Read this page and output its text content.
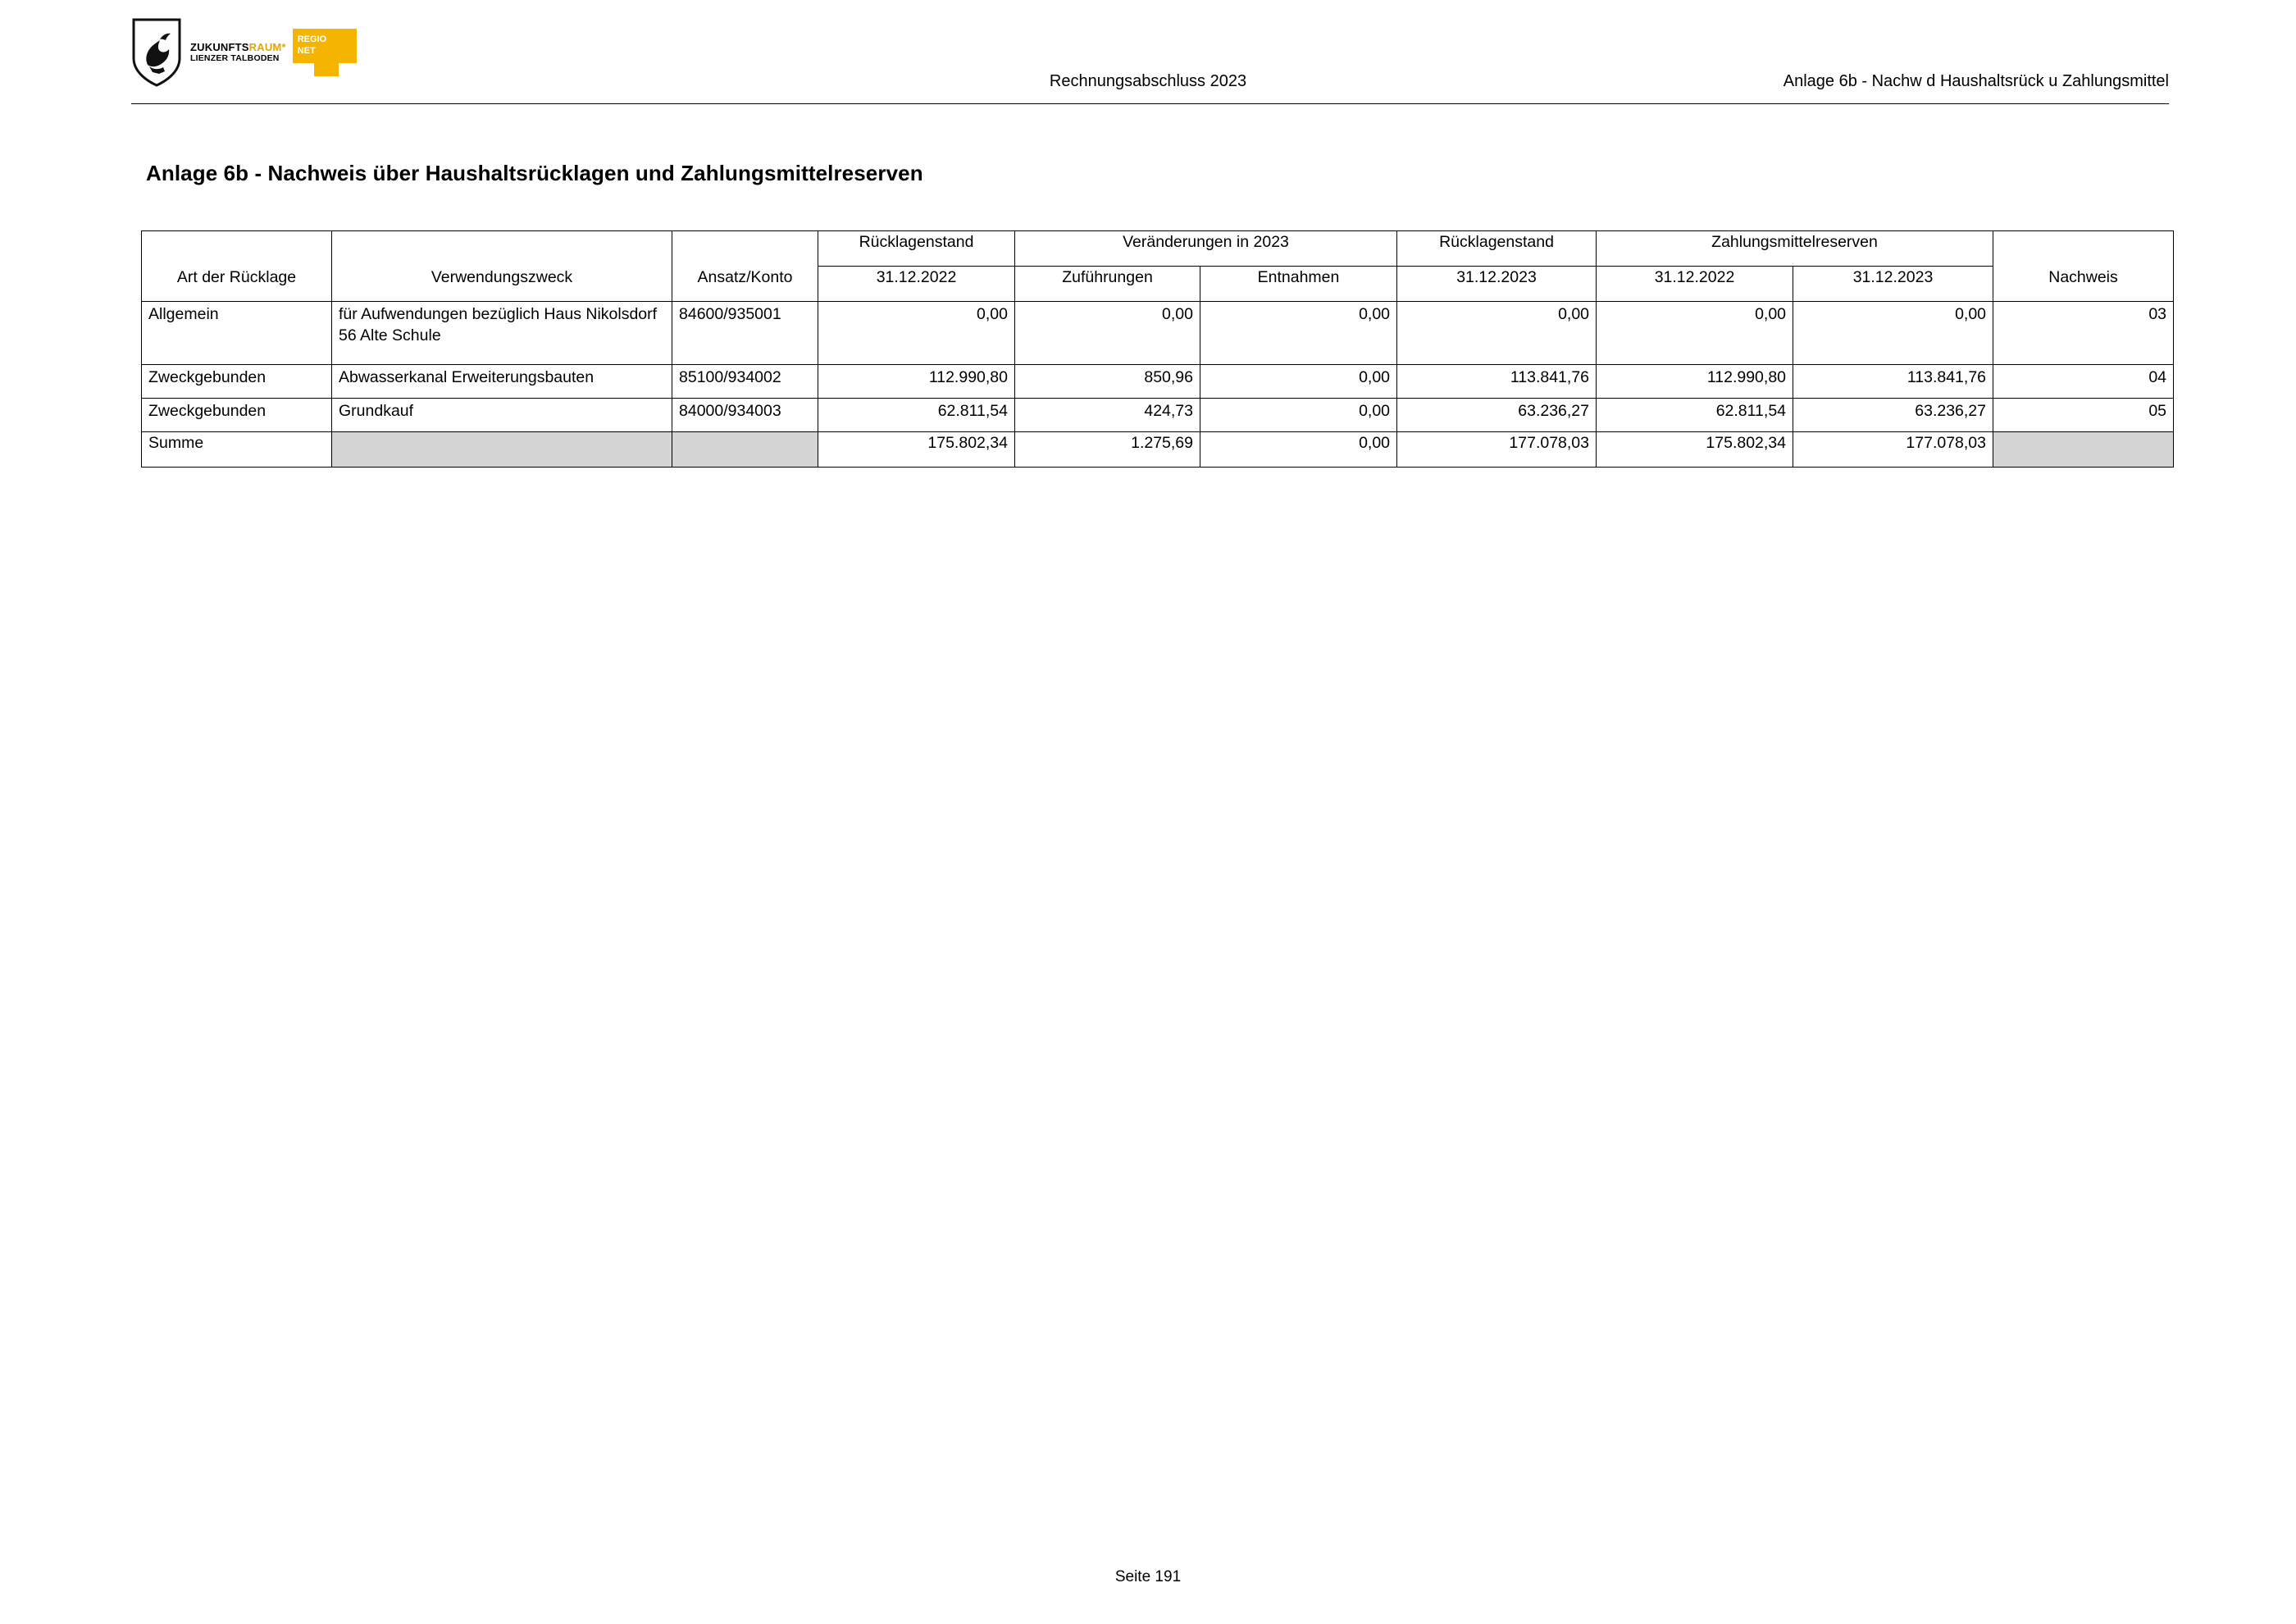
ZUKUNFTSRAUM*
LIENZER TALBODEN
REGIO
NET
Rechnungsabschluss 2023	Anlage 6b - Nachw d Haushaltsrück u Zahlungsmittel
Anlage 6b - Nachweis über Haushaltsrücklagen und Zahlungsmittelreserven
			Rücklagenstand	Veränderungen in 2023		Rücklagenstand	Zahlungsmittelreserven		
Art der Rücklage	Verwendungszweck	Ansatz/Konto	31.12.2022	Zuführungen	Entnahmen	31.12.2023	31.12.2022	31.12.2023	Nachweis
Allgemein	für Aufwendungen bezüglich Haus Nikolsdorf 56 Alte Schule	84600/935001	0,00	0,00	0,00	0,00	0,00	0,00	03
Zweckgebunden	Abwasserkanal Erweiterungsbauten	85100/934002	112.990,80	850,96	0,00	113.841,76	112.990,80	113.841,76	04
Zweckgebunden	Grundkauf	84000/934003	62.811,54	424,73	0,00	63.236,27	62.811,54	63.236,27	05
Summe			175.802,34	1.275,69	0,00	177.078,03	175.802,34	177.078,03	
Seite 191
